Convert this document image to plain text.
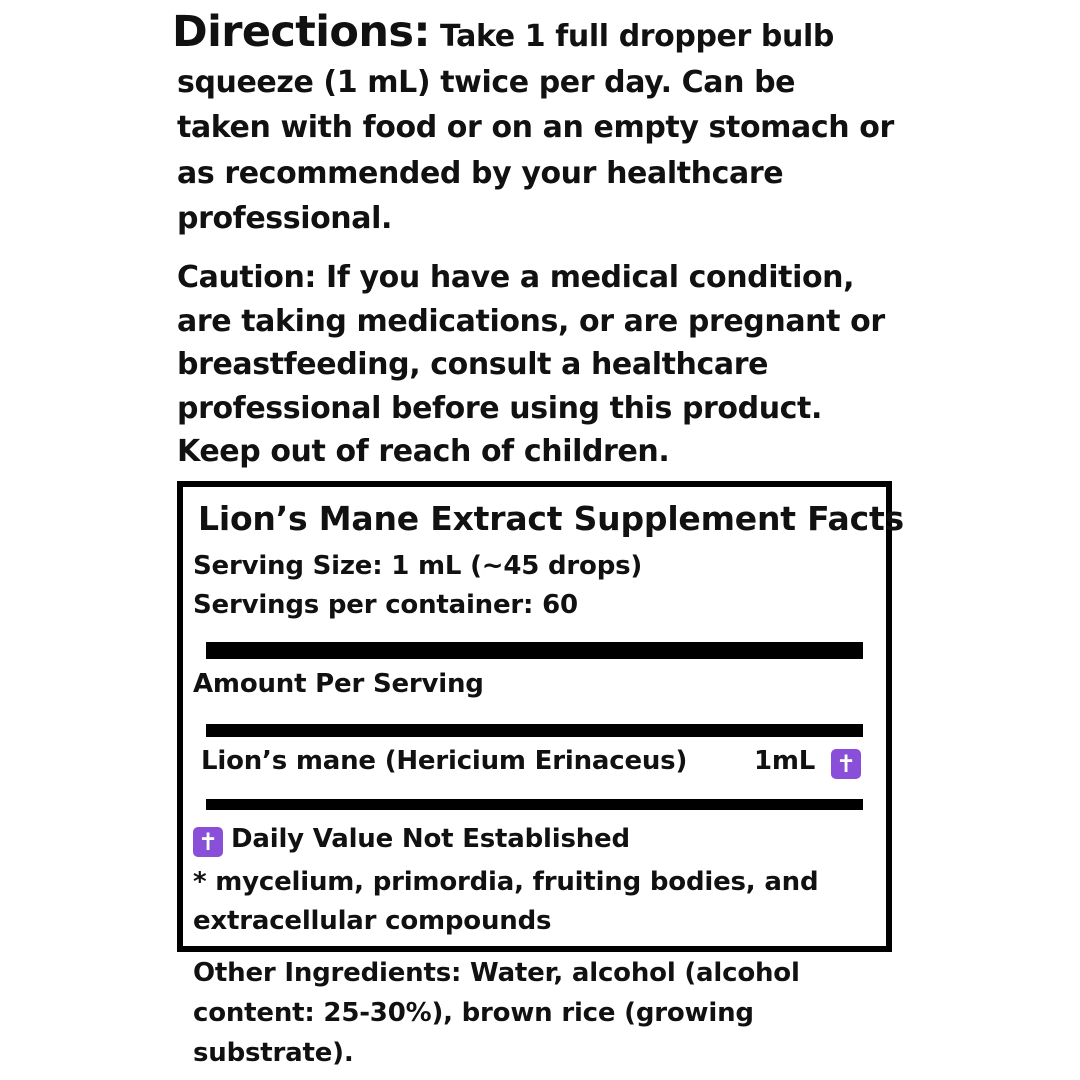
Directions: Take 1 full dropper bulb squeeze (1 mL) twice per day. Can be taken with food or on an empty stomach or as recommended by your healthcare professional.
Caution: If you have a medical condition, are taking medications, or are pregnant or breastfeeding, consult a healthcare professional before using this product. Keep out of reach of children.
Lion’s Mane Extract Supplement Facts
Serving Size: 1 mL (~45 drops)
Servings per container: 60
Amount Per Serving
Lion’s mane (Hericium Erinaceus)	1mL ✝
✝ Daily Value Not Established
* mycelium, primordia, fruiting bodies, and extracellular compounds
Other Ingredients: Water, alcohol (alcohol content: 25-30%), brown rice (growing substrate).
